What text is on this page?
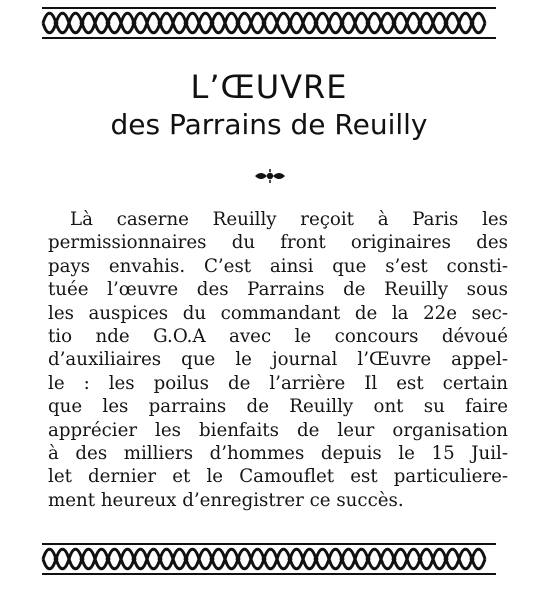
L’ŒUVRE
des Parrains de Reuilly
Là caserne Reuilly reçoit à Paris les
permissionnaires du front originaires des
pays envahis. C’est ainsi que s’est consti-
tuée l’œuvre des Parrains de Reuilly sous
les auspices du commandant de la 22e sec-
tio nde G.O.A avec le concours dévoué
d’auxiliaires que le journal l’Œuvre appel-
le : les poilus de l’arrière Il est certain
que les parrains de Reuilly ont su faire
apprécier les bienfaits de leur organisation
à des milliers d’hommes depuis le 15 Juil-
let dernier et le Camouflet est particuliere-
ment heureux d’enregistrer ce succès.
